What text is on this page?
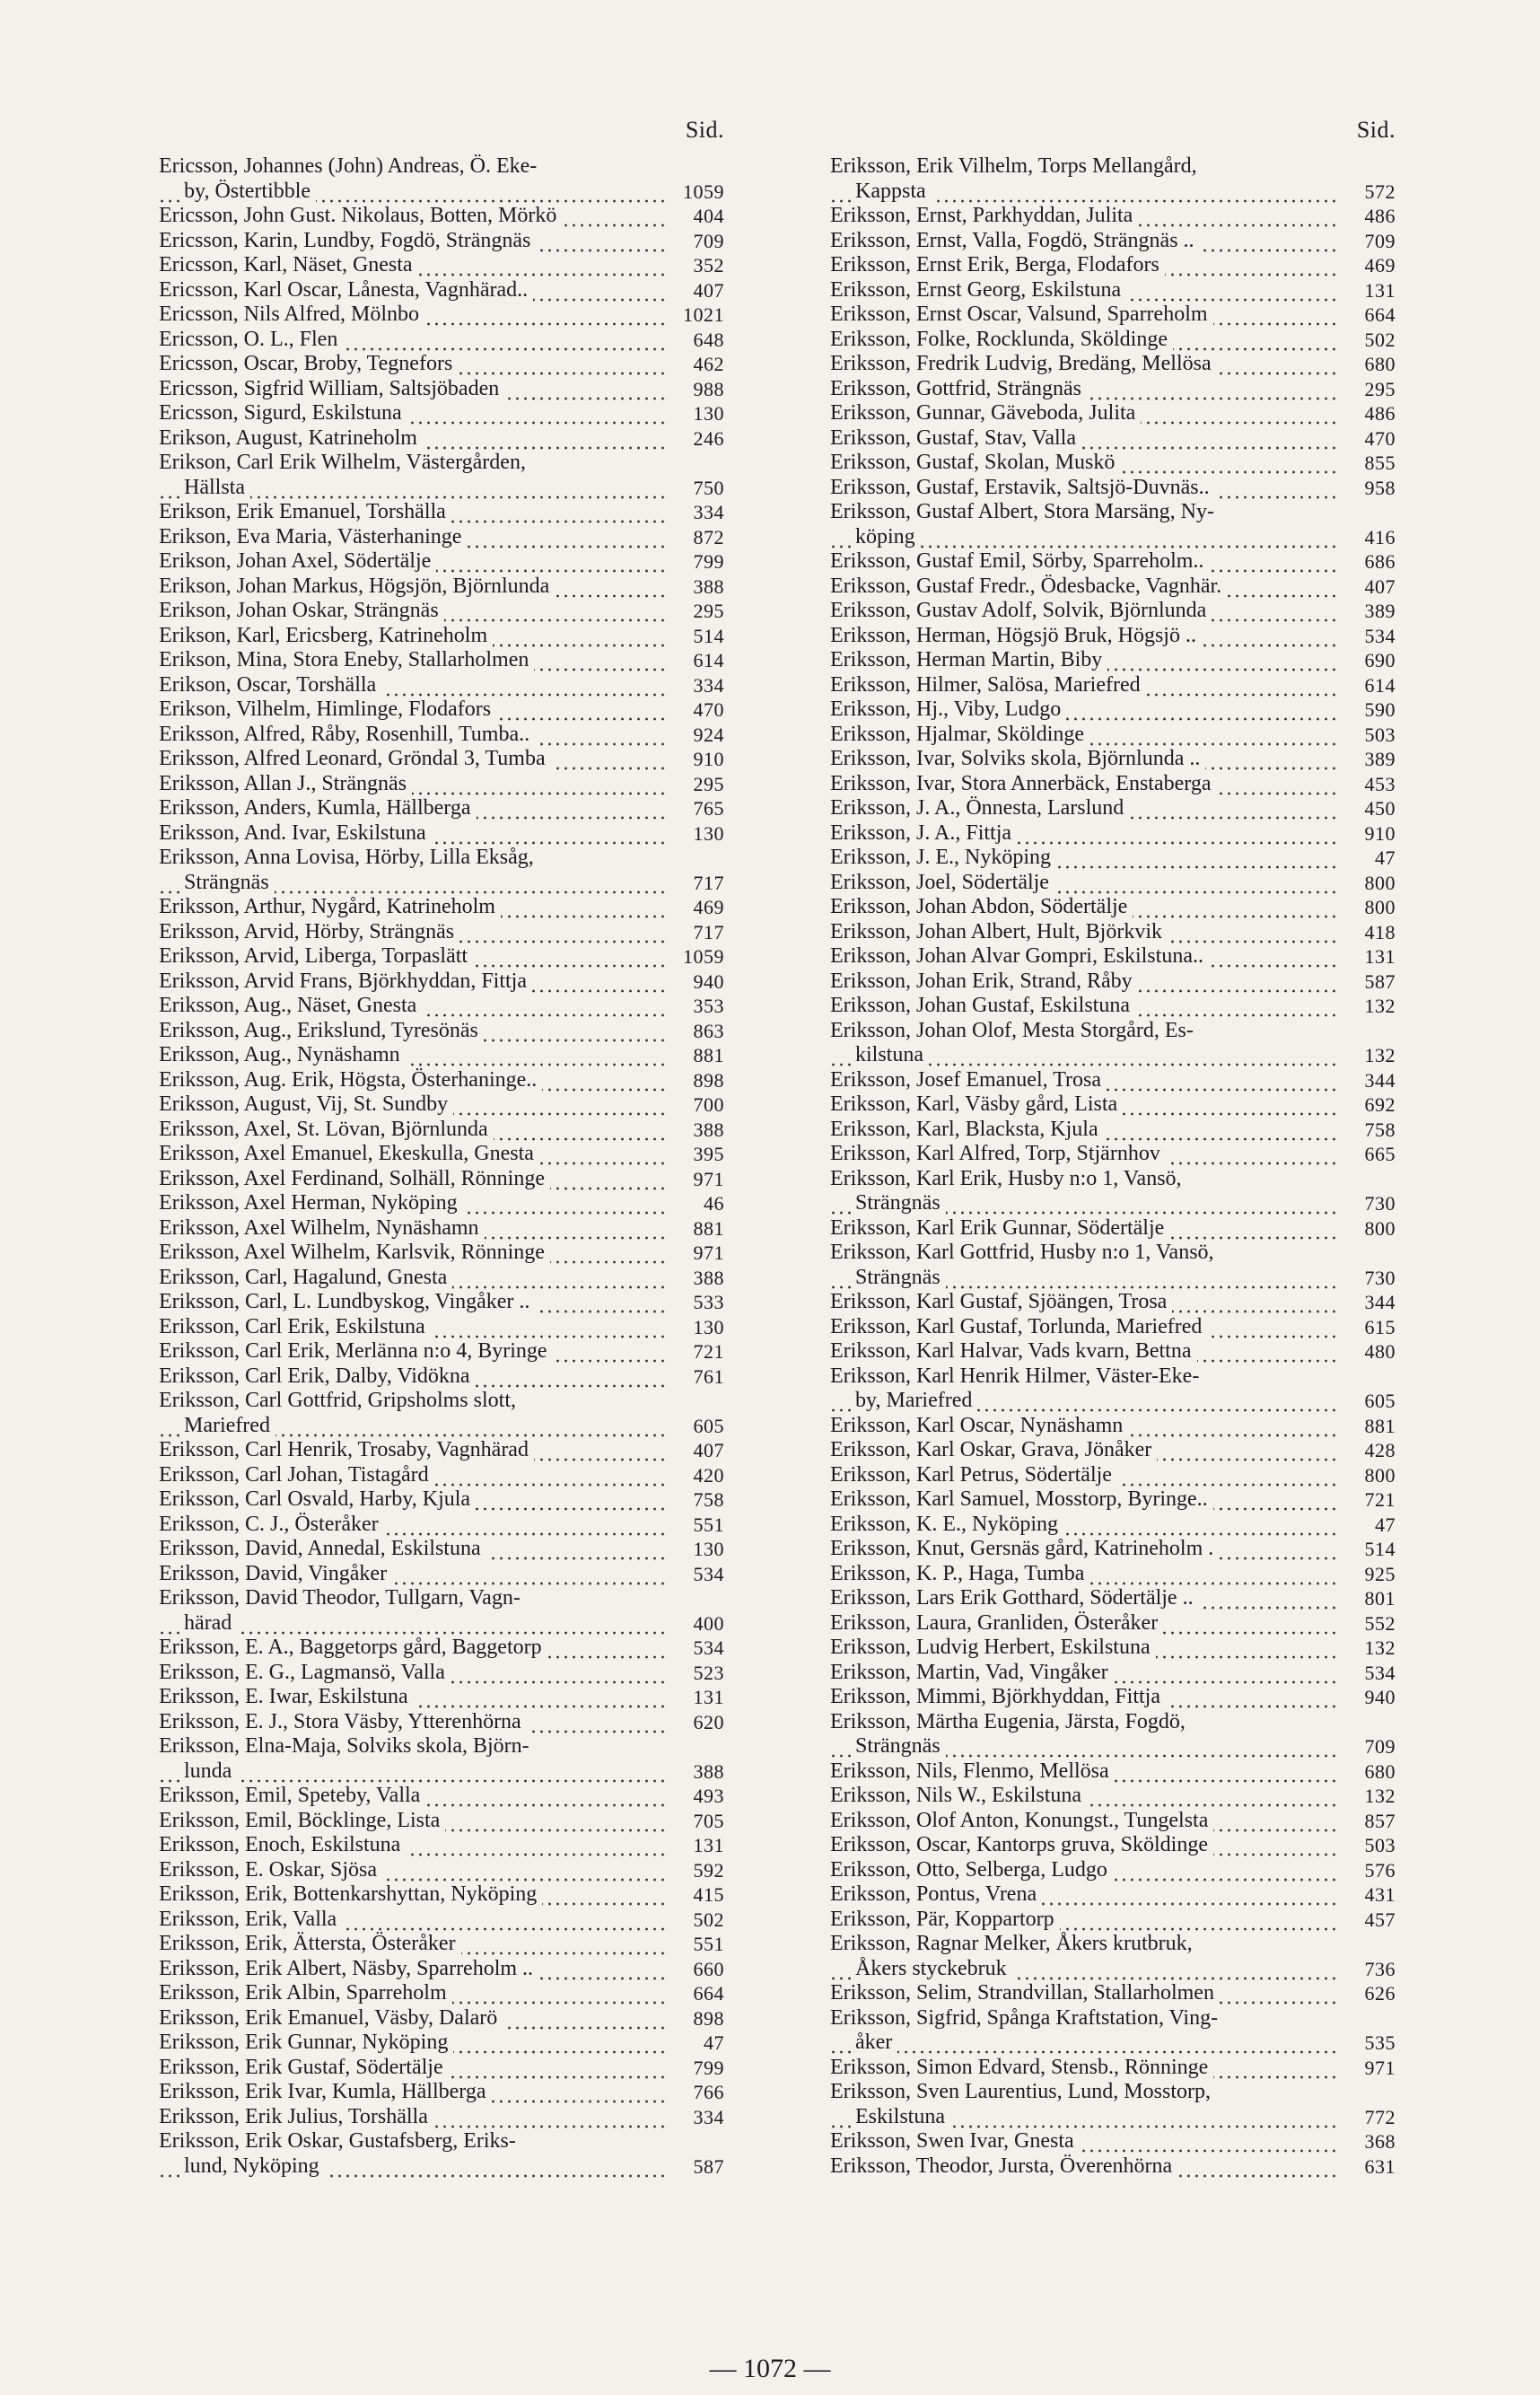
Sid.
Ericsson, Johannes (John) Andreas, Ö. Eke-
by, Östertibble	1059
Ericsson, John Gust. Nikolaus, Botten, Mörkö	404
Ericsson, Karin, Lundby, Fogdö, Strängnäs	709
Ericsson, Karl, Näset, Gnesta	352
Ericsson, Karl Oscar, Lånesta, Vagnhärad..	407
Ericsson, Nils Alfred, Mölnbo	1021
Ericsson, O. L., Flen	648
Ericsson, Oscar, Broby, Tegnefors	462
Ericsson, Sigfrid William, Saltsjöbaden	988
Ericsson, Sigurd, Eskilstuna	130
Erikson, August, Katrineholm	246
Erikson, Carl Erik Wilhelm, Västergården,
Hällsta	750
Erikson, Erik Emanuel, Torshälla	334
Erikson, Eva Maria, Västerhaninge	872
Erikson, Johan Axel, Södertälje	799
Erikson, Johan Markus, Högsjön, Björnlunda	388
Erikson, Johan Oskar, Strängnäs	295
Erikson, Karl, Ericsberg, Katrineholm	514
Erikson, Mina, Stora Eneby, Stallarholmen	614
Erikson, Oscar, Torshälla	334
Erikson, Vilhelm, Himlinge, Flodafors	470
Eriksson, Alfred, Råby, Rosenhill, Tumba..	924
Eriksson, Alfred Leonard, Gröndal 3, Tumba	910
Eriksson, Allan J., Strängnäs	295
Eriksson, Anders, Kumla, Hällberga	765
Eriksson, And. Ivar, Eskilstuna	130
Eriksson, Anna Lovisa, Hörby, Lilla Eksåg,
Strängnäs	717
Eriksson, Arthur, Nygård, Katrineholm	469
Eriksson, Arvid, Hörby, Strängnäs	717
Eriksson, Arvid, Liberga, Torpaslätt	1059
Eriksson, Arvid Frans, Björkhyddan, Fittja	940
Eriksson, Aug., Näset, Gnesta	353
Eriksson, Aug., Erikslund, Tyresönäs	863
Eriksson, Aug., Nynäshamn	881
Eriksson, Aug. Erik, Högsta, Österhaninge..	898
Eriksson, August, Vij, St. Sundby	700
Eriksson, Axel, St. Lövan, Björnlunda	388
Eriksson, Axel Emanuel, Ekeskulla, Gnesta	395
Eriksson, Axel Ferdinand, Solhäll, Rönninge	971
Eriksson, Axel Herman, Nyköping	46
Eriksson, Axel Wilhelm, Nynäshamn	881
Eriksson, Axel Wilhelm, Karlsvik, Rönninge	971
Eriksson, Carl, Hagalund, Gnesta	388
Eriksson, Carl, L. Lundbyskog, Vingåker ..	533
Eriksson, Carl Erik, Eskilstuna	130
Eriksson, Carl Erik, Merlänna n:o 4, Byringe	721
Eriksson, Carl Erik, Dalby, Vidökna	761
Eriksson, Carl Gottfrid, Gripsholms slott,
Mariefred	605
Eriksson, Carl Henrik, Trosaby, Vagnhärad	407
Eriksson, Carl Johan, Tistagård	420
Eriksson, Carl Osvald, Harby, Kjula	758
Eriksson, C. J., Österåker	551
Eriksson, David, Annedal, Eskilstuna	130
Eriksson, David, Vingåker	534
Eriksson, David Theodor, Tullgarn, Vagn-
härad	400
Eriksson, E. A., Baggetorps gård, Baggetorp	534
Eriksson, E. G., Lagmansö, Valla	523
Eriksson, E. Iwar, Eskilstuna	131
Eriksson, E. J., Stora Väsby, Ytterenhörna	620
Eriksson, Elna-Maja, Solviks skola, Björn-
lunda	388
Eriksson, Emil, Speteby, Valla	493
Eriksson, Emil, Böcklinge, Lista	705
Eriksson, Enoch, Eskilstuna	131
Eriksson, E. Oskar, Sjösa	592
Eriksson, Erik, Bottenkarshyttan, Nyköping	415
Eriksson, Erik, Valla	502
Eriksson, Erik, Ättersta, Österåker	551
Eriksson, Erik Albert, Näsby, Sparreholm ..	660
Eriksson, Erik Albin, Sparreholm	664
Eriksson, Erik Emanuel, Väsby, Dalarö	898
Eriksson, Erik Gunnar, Nyköping	47
Eriksson, Erik Gustaf, Södertälje	799
Eriksson, Erik Ivar, Kumla, Hällberga	766
Eriksson, Erik Julius, Torshälla	334
Eriksson, Erik Oskar, Gustafsberg, Eriks-
lund, Nyköping	587
Sid.
Eriksson, Erik Vilhelm, Torps Mellangård,
Kappsta	572
Eriksson, Ernst, Parkhyddan, Julita	486
Eriksson, Ernst, Valla, Fogdö, Strängnäs ..	709
Eriksson, Ernst Erik, Berga, Flodafors	469
Eriksson, Ernst Georg, Eskilstuna	131
Eriksson, Ernst Oscar, Valsund, Sparreholm	664
Eriksson, Folke, Rocklunda, Sköldinge	502
Eriksson, Fredrik Ludvig, Bredäng, Mellösa	680
Eriksson, Gottfrid, Strängnäs	295
Eriksson, Gunnar, Gäveboda, Julita	486
Eriksson, Gustaf, Stav, Valla	470
Eriksson, Gustaf, Skolan, Muskö	855
Eriksson, Gustaf, Erstavik, Saltsjö-Duvnäs..	958
Eriksson, Gustaf Albert, Stora Marsäng, Ny-
köping	416
Eriksson, Gustaf Emil, Sörby, Sparreholm..	686
Eriksson, Gustaf Fredr., Ödesbacke, Vagnhär.	407
Eriksson, Gustav Adolf, Solvik, Björnlunda	389
Eriksson, Herman, Högsjö Bruk, Högsjö ..	534
Eriksson, Herman Martin, Biby	690
Eriksson, Hilmer, Salösa, Mariefred	614
Eriksson, Hj., Viby, Ludgo	590
Eriksson, Hjalmar, Sköldinge	503
Eriksson, Ivar, Solviks skola, Björnlunda ..	389
Eriksson, Ivar, Stora Annerbäck, Enstaberga	453
Eriksson, J. A., Önnesta, Larslund	450
Eriksson, J. A., Fittja	910
Eriksson, J. E., Nyköping	47
Eriksson, Joel, Södertälje	800
Eriksson, Johan Abdon, Södertälje	800
Eriksson, Johan Albert, Hult, Björkvik	418
Eriksson, Johan Alvar Gompri, Eskilstuna..	131
Eriksson, Johan Erik, Strand, Råby	587
Eriksson, Johan Gustaf, Eskilstuna	132
Eriksson, Johan Olof, Mesta Storgård, Es-
kilstuna	132
Eriksson, Josef Emanuel, Trosa	344
Eriksson, Karl, Väsby gård, Lista	692
Eriksson, Karl, Blacksta, Kjula	758
Eriksson, Karl Alfred, Torp, Stjärnhov	665
Eriksson, Karl Erik, Husby n:o 1, Vansö,
Strängnäs	730
Eriksson, Karl Erik Gunnar, Södertälje	800
Eriksson, Karl Gottfrid, Husby n:o 1, Vansö,
Strängnäs	730
Eriksson, Karl Gustaf, Sjöängen, Trosa	344
Eriksson, Karl Gustaf, Torlunda, Mariefred	615
Eriksson, Karl Halvar, Vads kvarn, Bettna	480
Eriksson, Karl Henrik Hilmer, Väster-Eke-
by, Mariefred	605
Eriksson, Karl Oscar, Nynäshamn	881
Eriksson, Karl Oskar, Grava, Jönåker	428
Eriksson, Karl Petrus, Södertälje	800
Eriksson, Karl Samuel, Mosstorp, Byringe..	721
Eriksson, K. E., Nyköping	47
Eriksson, Knut, Gersnäs gård, Katrineholm .	514
Eriksson, K. P., Haga, Tumba	925
Eriksson, Lars Erik Gotthard, Södertälje ..	801
Eriksson, Laura, Granliden, Österåker	552
Eriksson, Ludvig Herbert, Eskilstuna	132
Eriksson, Martin, Vad, Vingåker	534
Eriksson, Mimmi, Björkhyddan, Fittja	940
Eriksson, Märtha Eugenia, Järsta, Fogdö,
Strängnäs	709
Eriksson, Nils, Flenmo, Mellösa	680
Eriksson, Nils W., Eskilstuna	132
Eriksson, Olof Anton, Konungst., Tungelsta	857
Eriksson, Oscar, Kantorps gruva, Sköldinge	503
Eriksson, Otto, Selberga, Ludgo	576
Eriksson, Pontus, Vrena	431
Eriksson, Pär, Koppartorp	457
Eriksson, Ragnar Melker, Åkers krutbruk,
Åkers styckebruk	736
Eriksson, Selim, Strandvillan, Stallarholmen	626
Eriksson, Sigfrid, Spånga Kraftstation, Ving-
åker	535
Eriksson, Simon Edvard, Stensb., Rönninge	971
Eriksson, Sven Laurentius, Lund, Mosstorp,
Eskilstuna	772
Eriksson, Swen Ivar, Gnesta	368
Eriksson, Theodor, Jursta, Överenhörna	631
— 1072 —
